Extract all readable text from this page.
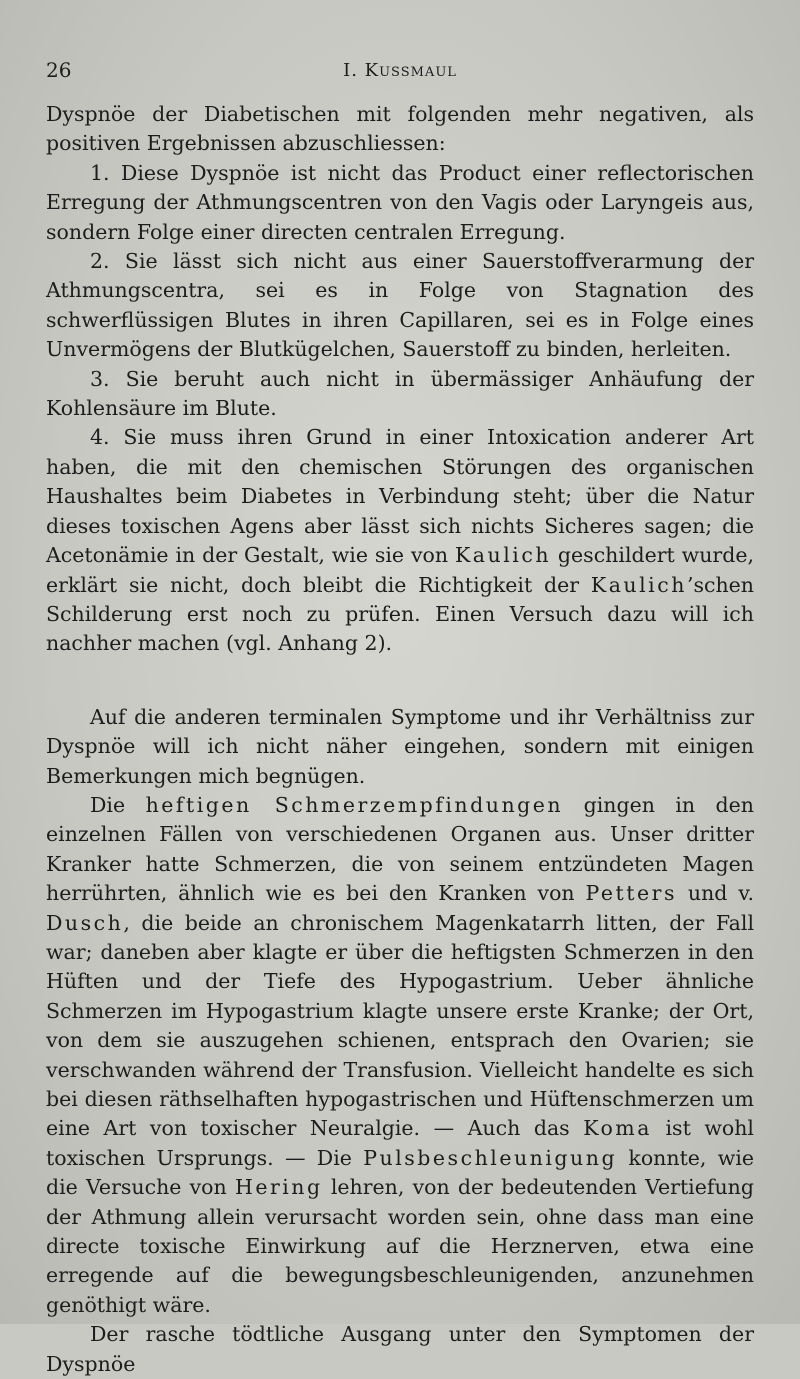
26	I. Kussmaul

Dyspnöe der Diabetischen mit folgenden mehr negativen, als positiven Ergebnissen abzuschliessen:

1. Diese Dyspnöe ist nicht das Product einer reflectorischen Erregung der Athmungscentren von den Vagis oder Laryngeis aus, sondern Folge einer directen centralen Erregung.

2. Sie lässt sich nicht aus einer Sauerstoffverarmung der Athmungscentra, sei es in Folge von Stagnation des schwerflüssigen Blutes in ihren Capillaren, sei es in Folge eines Unvermögens der Blutkügelchen, Sauerstoff zu binden, herleiten.

3. Sie beruht auch nicht in übermässiger Anhäufung der Kohlensäure im Blute.

4. Sie muss ihren Grund in einer Intoxication anderer Art haben, die mit den chemischen Störungen des organischen Haushaltes beim Diabetes in Verbindung steht; über die Natur dieses toxischen Agens aber lässt sich nichts Sicheres sagen; die Acetonämie in der Gestalt, wie sie von Kaulich geschildert wurde, erklärt sie nicht, doch bleibt die Richtigkeit der Kaulich’schen Schilderung erst noch zu prüfen. Einen Versuch dazu will ich nachher machen (vgl. Anhang 2).

Auf die anderen terminalen Symptome und ihr Verhältniss zur Dyspnöe will ich nicht näher eingehen, sondern mit einigen Bemerkungen mich begnügen.

Die heftigen Schmerzempfindungen gingen in den einzelnen Fällen von verschiedenen Organen aus. Unser dritter Kranker hatte Schmerzen, die von seinem entzündeten Magen herrührten, ähnlich wie es bei den Kranken von Petters und v. Dusch, die beide an chronischem Magenkatarrh litten, der Fall war; daneben aber klagte er über die heftigsten Schmerzen in den Hüften und der Tiefe des Hypogastrium. Ueber ähnliche Schmerzen im Hypogastrium klagte unsere erste Kranke; der Ort, von dem sie auszugehen schienen, entsprach den Ovarien; sie verschwanden während der Transfusion. Vielleicht handelte es sich bei diesen räthselhaften hypogastrischen und Hüftenschmerzen um eine Art von toxischer Neuralgie. — Auch das Koma ist wohl toxischen Ursprungs. — Die Pulsbeschleunigung konnte, wie die Versuche von Hering lehren, von der bedeutenden Vertiefung der Athmung allein verursacht worden sein, ohne dass man eine directe toxische Einwirkung auf die Herznerven, etwa eine erregende auf die bewegungsbeschleunigenden, anzunehmen genöthigt wäre.

Der rasche tödtliche Ausgang unter den Symptomen der Dyspnöe
